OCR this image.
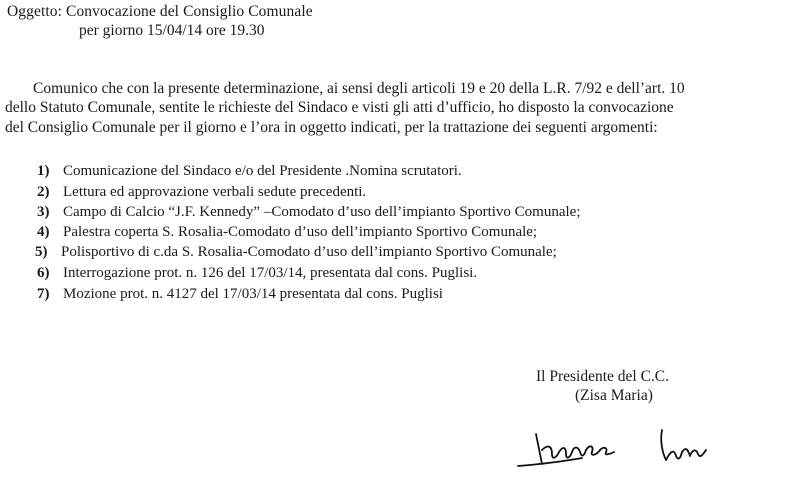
Oggetto: Convocazione del Consiglio Comunale
per giorno 15/04/14 ore 19.30
Comunico che con la presente determinazione, ai sensi degli articoli 19 e 20 della L.R. 7/92 e dell’art. 10
dello Statuto Comunale, sentite le richieste del Sindaco e visti gli atti d’ufficio, ho disposto la convocazione
del Consiglio Comunale per il giorno e l’ora in oggetto indicati, per la trattazione dei seguenti argomenti:
1) Comunicazione del Sindaco e/o del Presidente .Nomina scrutatori.
2) Lettura ed approvazione verbali sedute precedenti.
3) Campo di Calcio “J.F. Kennedy” –Comodato d’uso dell’impianto Sportivo Comunale;
4) Palestra coperta S. Rosalia-Comodato d’uso dell’impianto Sportivo Comunale;
5) Polisportivo di c.da S. Rosalia-Comodato d’uso dell’impianto Sportivo Comunale;
6) Interrogazione prot. n. 126 del 17/03/14, presentata dal cons. Puglisi.
7) Mozione prot. n. 4127 del 17/03/14 presentata dal cons. Puglisi
Il Presidente del C.C.
(Zisa Maria)
